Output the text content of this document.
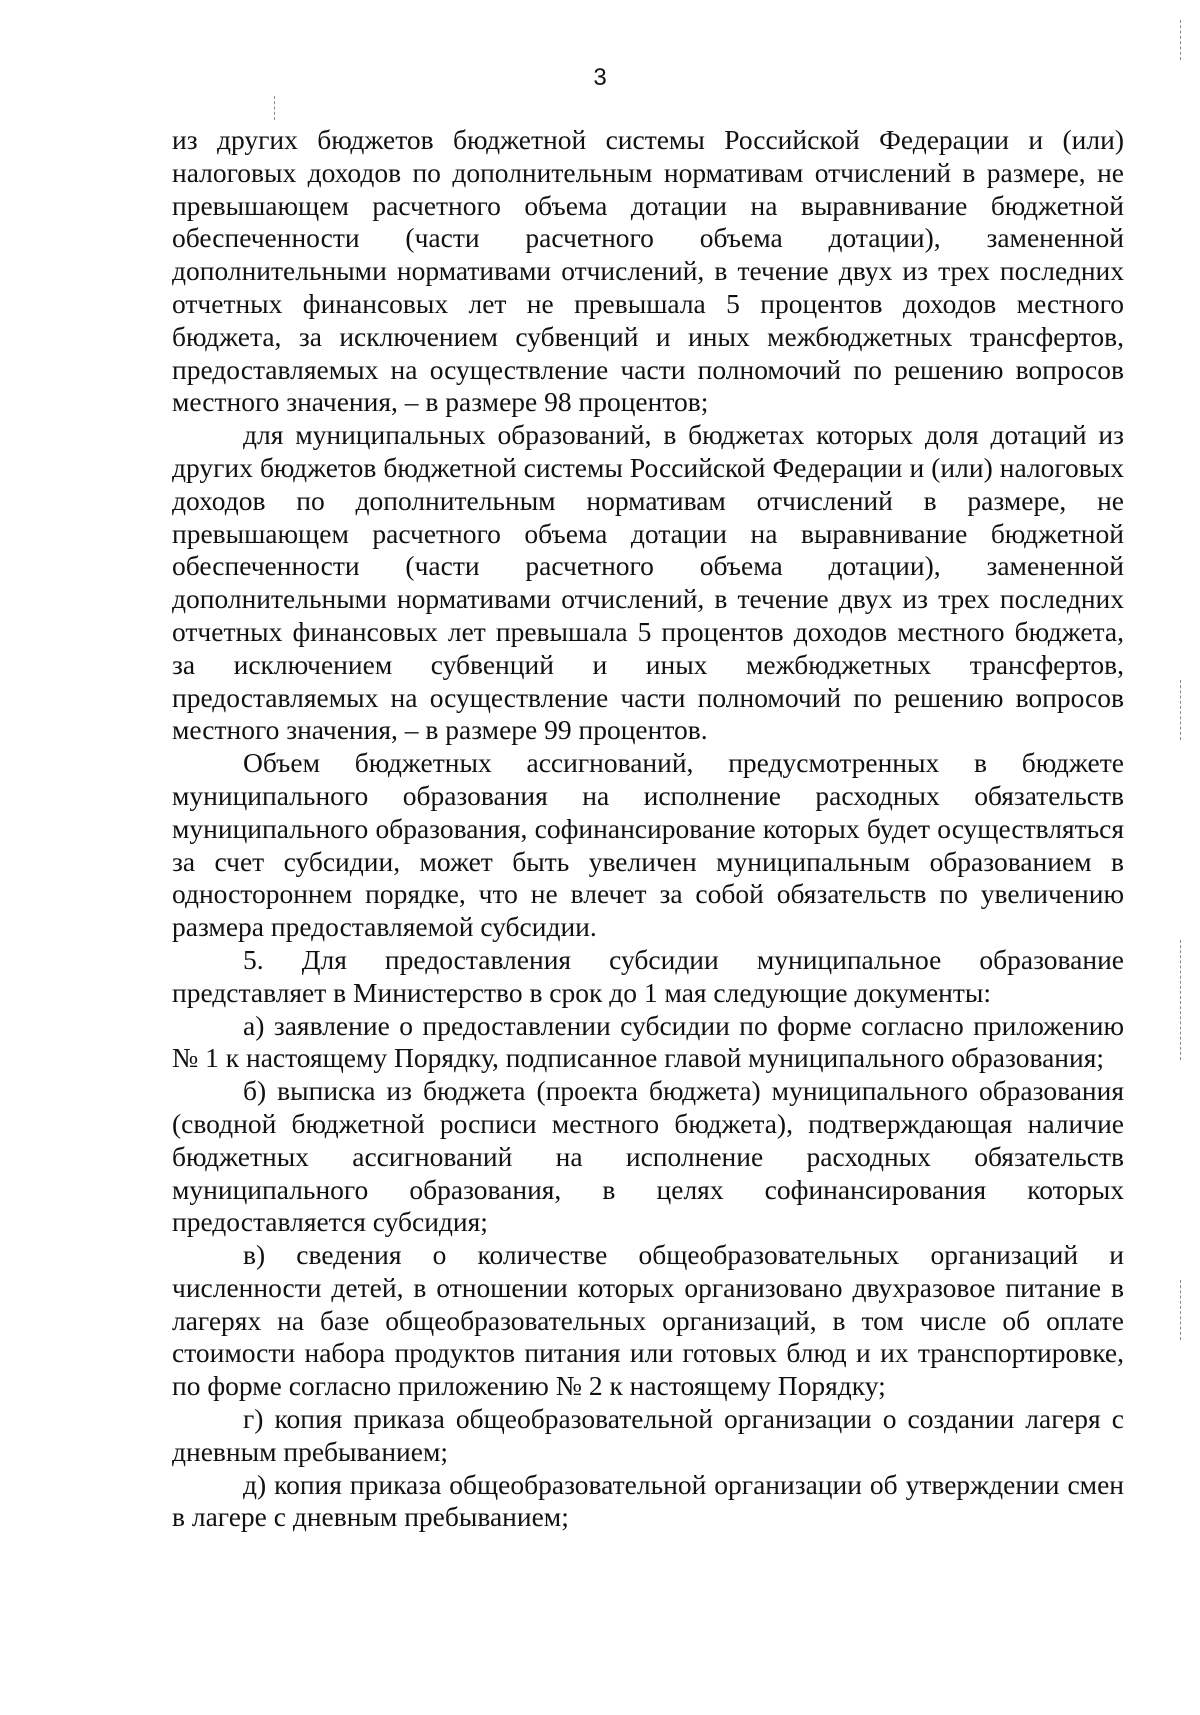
3

из других бюджетов бюджетной системы Российской Федерации и (или) налоговых доходов по дополнительным нормативам отчислений в размере, не превышающем расчетного объема дотации на выравнивание бюджетной обеспеченности (части расчетного объема дотации), замененной дополнительными нормативами отчислений, в течение двух из трех последних отчетных финансовых лет не превышала 5 процентов доходов местного бюджета, за исключением субвенций и иных межбюджетных трансфертов, предоставляемых на осуществление части полномочий по решению вопросов местного значения, – в размере 98 процентов;

для муниципальных образований, в бюджетах которых доля дотаций из других бюджетов бюджетной системы Российской Федерации и (или) налоговых доходов по дополнительным нормативам отчислений в размере, не превышающем расчетного объема дотации на выравнивание бюджетной обеспеченности (части расчетного объема дотации), замененной дополнительными нормативами отчислений, в течение двух из трех последних отчетных финансовых лет превышала 5 процентов доходов местного бюджета, за исключением субвенций и иных межбюджетных трансфертов, предоставляемых на осуществление части полномочий по решению вопросов местного значения, – в размере 99 процентов.

Объем бюджетных ассигнований, предусмотренных в бюджете муниципального образования на исполнение расходных обязательств муниципального образования, софинансирование которых будет осуществляться за счет субсидии, может быть увеличен муниципальным образованием в одностороннем порядке, что не влечет за собой обязательств по увеличению размера предоставляемой субсидии.

5. Для предоставления субсидии муниципальное образование представляет в Министерство в срок до 1 мая следующие документы:

а) заявление о предоставлении субсидии по форме согласно приложению № 1 к настоящему Порядку, подписанное главой муниципального образования;

б) выписка из бюджета (проекта бюджета) муниципального образования (сводной бюджетной росписи местного бюджета), подтверждающая наличие бюджетных ассигнований на исполнение расходных обязательств муниципального образования, в целях софинансирования которых предоставляется субсидия;

в) сведения о количестве общеобразовательных организаций и численности детей, в отношении которых организовано двухразовое питание в лагерях на базе общеобразовательных организаций, в том числе об оплате стоимости набора продуктов питания или готовых блюд и их транспортировке, по форме согласно приложению № 2 к настоящему Порядку;

г) копия приказа общеобразовательной организации о создании лагеря с дневным пребыванием;

д) копия приказа общеобразовательной организации об утверждении смен в лагере с дневным пребыванием;
